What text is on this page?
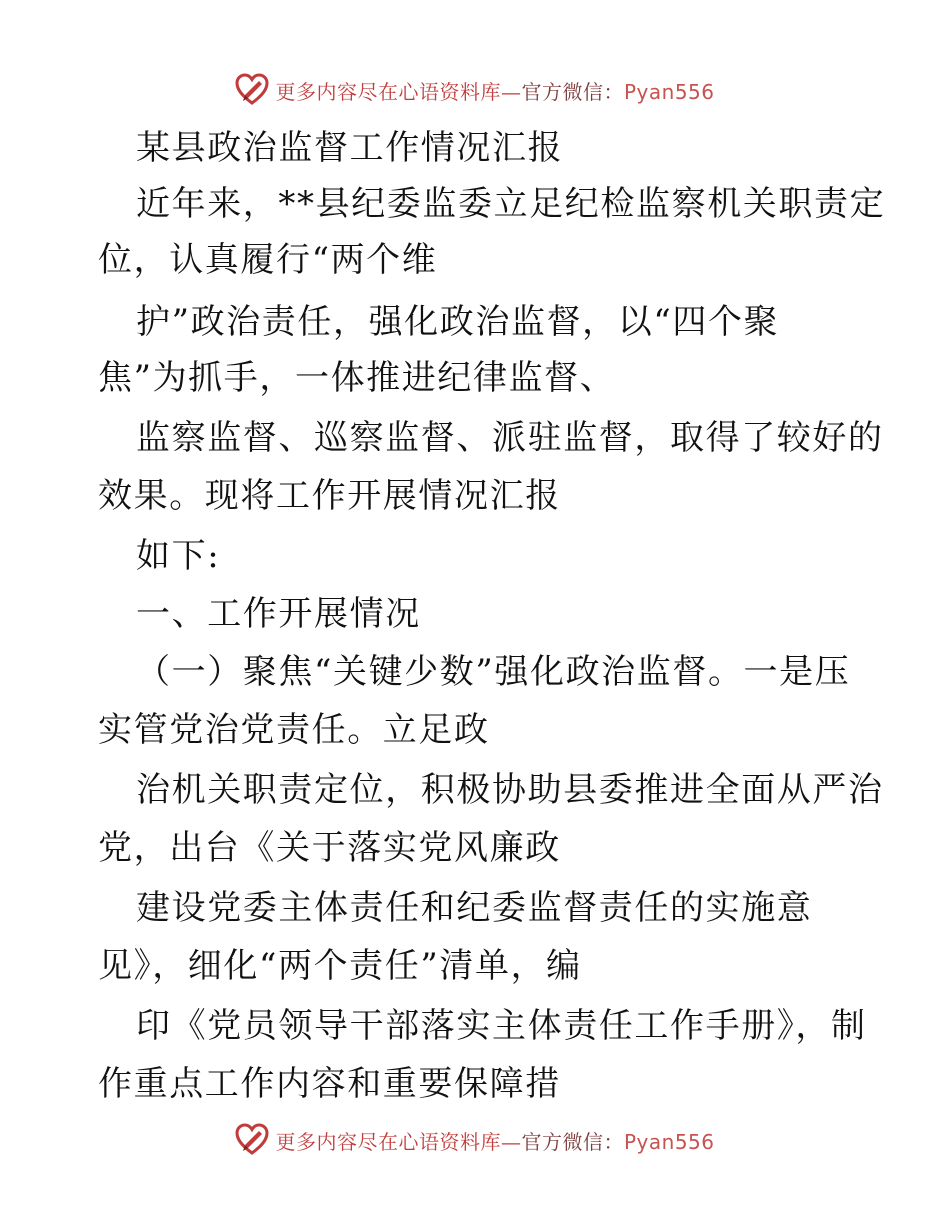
更多内容尽在心语资料库—官方微信：Pyan556
某县政治监督工作情况汇报
近年来，**县纪委监委立足纪检监察机关职责定
位，认真履行“两个维
护”政治责任，强化政治监督，以“四个聚
焦”为抓手，一体推进纪律监督、
监察监督、巡察监督、派驻监督，取得了较好的
效果。现将工作开展情况汇报
如下:
一、工作开展情况
（一）聚焦“关键少数”强化政治监督。一是压
实管党治党责任。立足政
治机关职责定位，积极协助县委推进全面从严治
党，出台《关于落实党风廉政
建设党委主体责任和纪委监督责任的实施意
见》，细化“两个责任”清单，编
印《党员领导干部落实主体责任工作手册》，制
作重点工作内容和重要保障措
更多内容尽在心语资料库—官方微信：Pyan556
